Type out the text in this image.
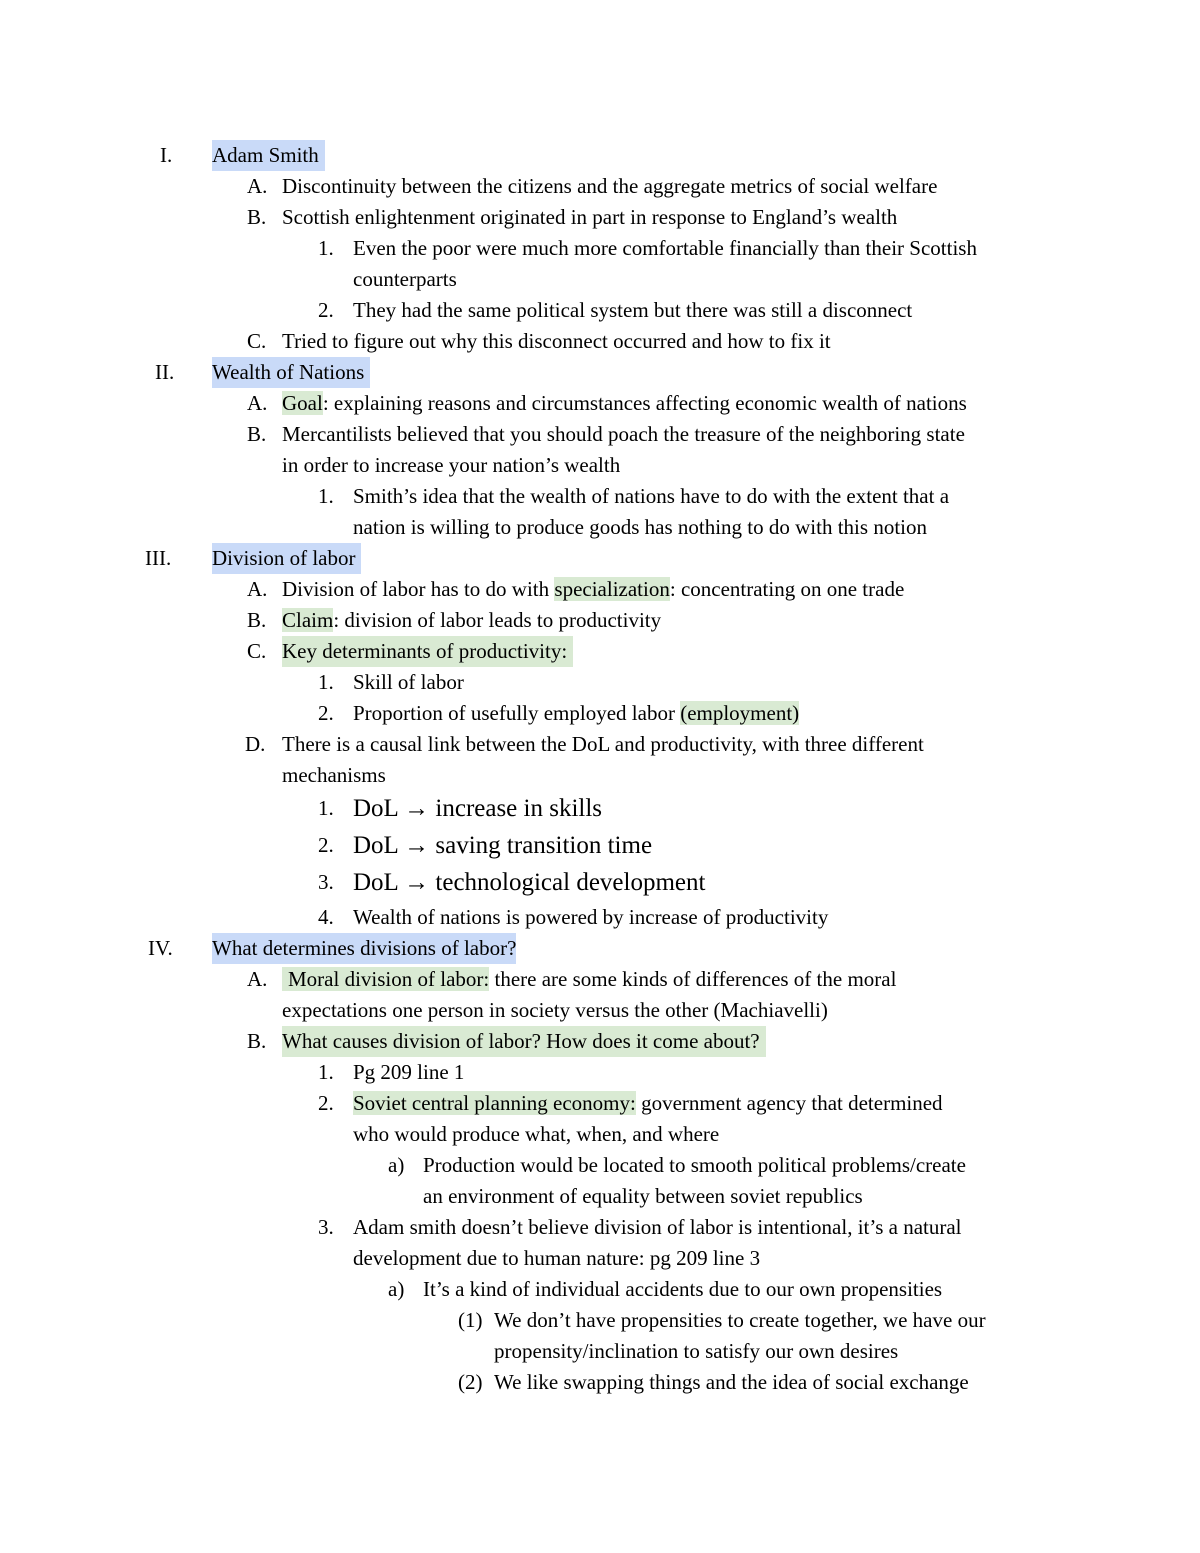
I. Adam Smith
A. Discontinuity between the citizens and the aggregate metrics of social welfare
B. Scottish enlightenment originated in part in response to England’s wealth
1. Even the poor were much more comfortable financially than their Scottish
counterparts
2. They had the same political system but there was still a disconnect
C. Tried to figure out why this disconnect occurred and how to fix it
II. Wealth of Nations
A. Goal: explaining reasons and circumstances affecting economic wealth of nations
B. Mercantilists believed that you should poach the treasure of the neighboring state
in order to increase your nation’s wealth
1. Smith’s idea that the wealth of nations have to do with the extent that a
nation is willing to produce goods has nothing to do with this notion
III. Division of labor
A. Division of labor has to do with specialization: concentrating on one trade
B. Claim: division of labor leads to productivity
C. Key determinants of productivity:
1. Skill of labor
2. Proportion of usefully employed labor (employment)
D. There is a causal link between the DoL and productivity, with three different
mechanisms
1. DoL → increase in skills
2. DoL → saving transition time
3. DoL → technological development
4. Wealth of nations is powered by increase of productivity
IV. What determines divisions of labor?
A. Moral division of labor: there are some kinds of differences of the moral
expectations one person in society versus the other (Machiavelli)
B. What causes division of labor? How does it come about?
1. Pg 209 line 1
2. Soviet central planning economy: government agency that determined
who would produce what, when, and where
a) Production would be located to smooth political problems/create
an environment of equality between soviet republics
3. Adam smith doesn’t believe division of labor is intentional, it’s a natural
development due to human nature: pg 209 line 3
a) It’s a kind of individual accidents due to our own propensities
(1) We don’t have propensities to create together, we have our
propensity/inclination to satisfy our own desires
(2) We like swapping things and the idea of social exchange
